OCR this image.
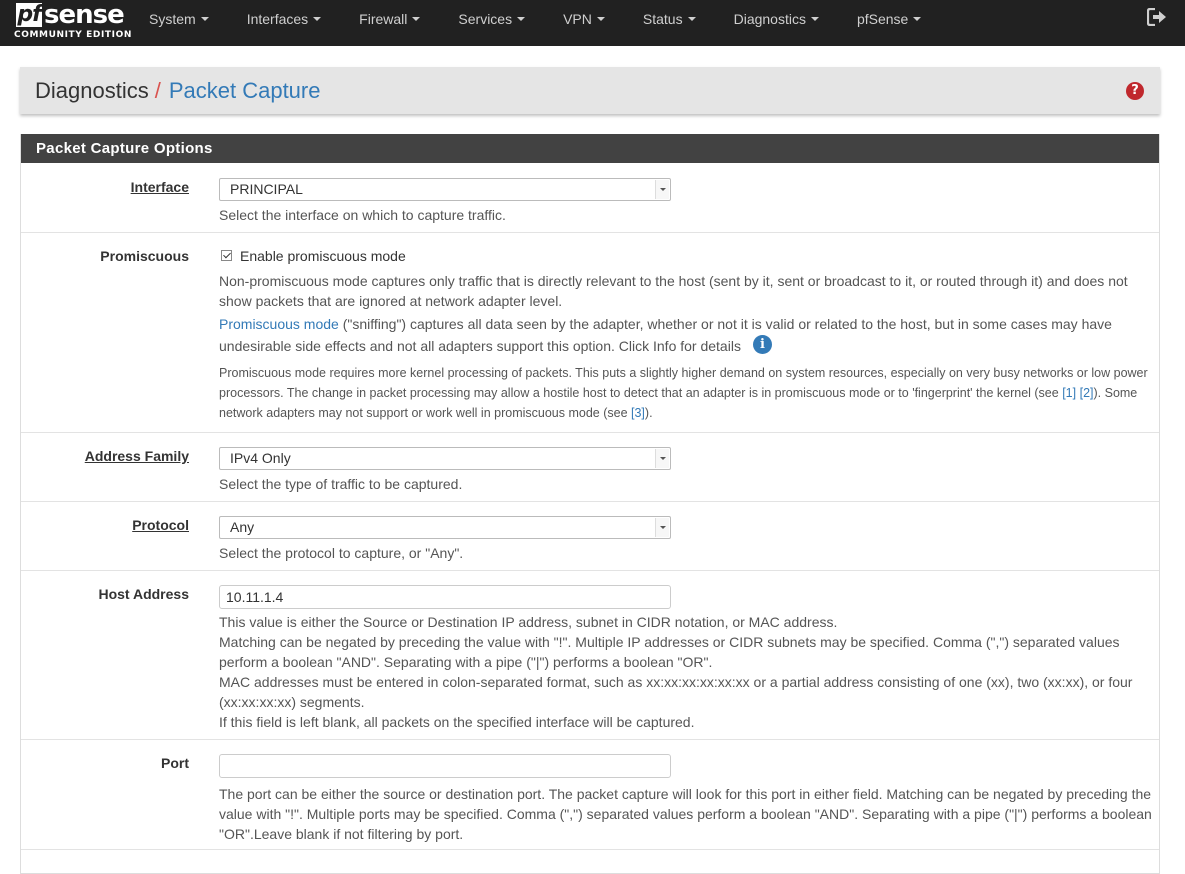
pf sense
COMMUNITY EDITION
System	Interfaces	Firewall	Services	VPN	Status	Diagnostics	pfSense
Diagnostics / Packet Capture	?
Packet Capture Options
Interface	PRINCIPAL
Select the interface on which to capture traffic.
Promiscuous	Enable promiscuous mode
Non-promiscuous mode captures only traffic that is directly relevant to the host (sent by it, sent or broadcast to it, or routed through it) and does not show packets that are ignored at network adapter level.
Promiscuous mode ("sniffing") captures all data seen by the adapter, whether or not it is valid or related to the host, but in some cases may have undesirable side effects and not all adapters support this option. Click Info for details i
Promiscuous mode requires more kernel processing of packets. This puts a slightly higher demand on system resources, especially on very busy networks or low power processors. The change in packet processing may allow a hostile host to detect that an adapter is in promiscuous mode or to 'fingerprint' the kernel (see [1] [2]). Some network adapters may not support or work well in promiscuous mode (see [3]).
Address Family	IPv4 Only
Select the type of traffic to be captured.
Protocol	Any
Select the protocol to capture, or "Any".
Host Address	10.11.1.4
This value is either the Source or Destination IP address, subnet in CIDR notation, or MAC address.
Matching can be negated by preceding the value with "!". Multiple IP addresses or CIDR subnets may be specified. Comma (",") separated values perform a boolean "AND". Separating with a pipe ("|") performs a boolean "OR".
MAC addresses must be entered in colon-separated format, such as xx:xx:xx:xx:xx:xx or a partial address consisting of one (xx), two (xx:xx), or four (xx:xx:xx:xx) segments.
If this field is left blank, all packets on the specified interface will be captured.
Port
The port can be either the source or destination port. The packet capture will look for this port in either field. Matching can be negated by preceding the value with "!". Multiple ports may be specified. Comma (",") separated values perform a boolean "AND". Separating with a pipe ("|") performs a boolean "OR".Leave blank if not filtering by port.
